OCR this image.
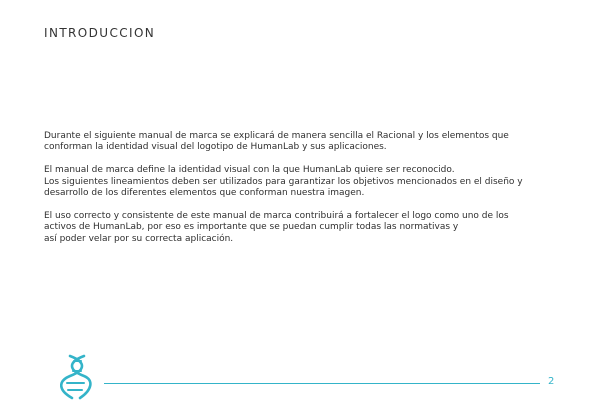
INTRODUCCION

Durante el siguiente manual de marca se explicará de manera sencilla el Racional y los elementos que
conforman la identidad visual del logotipo de HumanLab y sus aplicaciones.

El manual de marca define la identidad visual con la que HumanLab quiere ser reconocido.
Los siguientes lineamientos deben ser utilizados para garantizar los objetivos mencionados en el diseño y
desarrollo de los diferentes elementos que conforman nuestra imagen.

El uso correcto y consistente de este manual de marca contribuirá a fortalecer el logo como uno de los
activos de HumanLab, por eso es importante que se puedan cumplir todas las normativas y
así poder velar por su correcta aplicación.

2
